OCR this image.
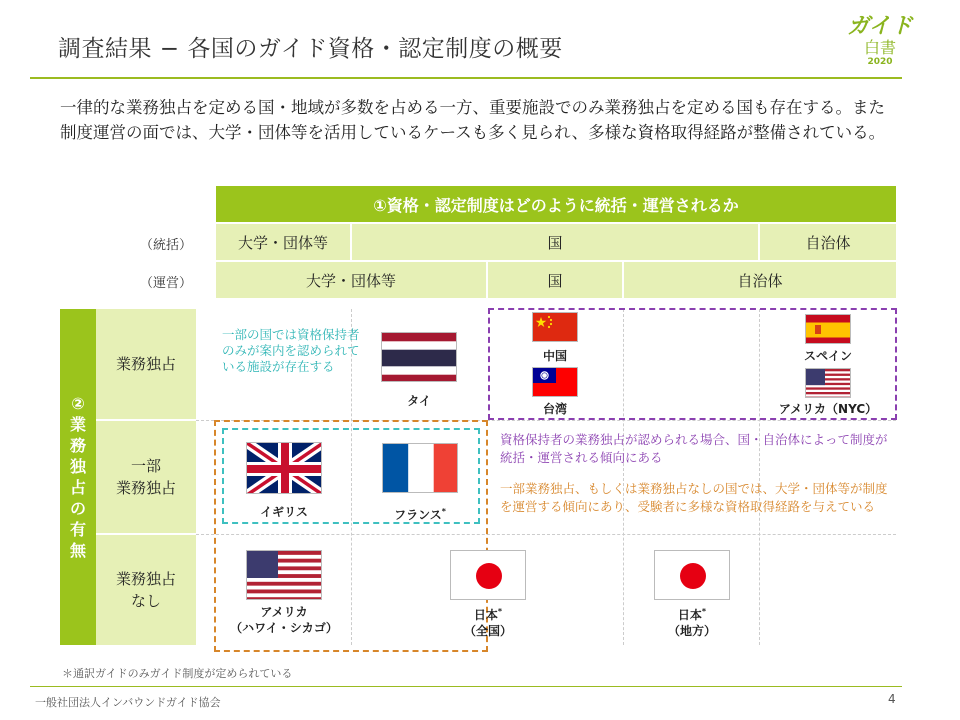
調査結果 − 各国のガイド資格・認定制度の概要
ガイド
白書
2020
一律的な業務独占を定める国・地域が多数を占める一方、重要施設でのみ業務独占を定める国も存在する。また制度運営の面では、大学・団体等を活用しているケースも多く見られ、多様な資格取得経路が整備されている。
①資格・認定制度はどのように統括・運営されるか
（統括）	大学・団体等	国	自治体
（運営）	大学・団体等	国	自治体
②
業
務
独
占
の
有
無
業務独占
一部
業務独占
業務独占
なし
一部の国では資格保持者のみが案内を認められている施設が存在する
資格保持者の業務独占が認められる場合、国・自治体によって制度が統括・運営される傾向にある
一部業務独占、もしくは業務独占なしの国では、大学・団体等が制度を運営する傾向にあり、受験者に多様な資格取得経路を与えている
タイ
中国
台湾
スペイン
アメリカ（NYC）
イギリス	フランス*
アメリカ
（ハワイ・シカゴ）
日本*
（全国）
日本*
（地方）
＊通訳ガイドのみガイド制度が定められている
一般社団法人インバウンドガイド協会	4
